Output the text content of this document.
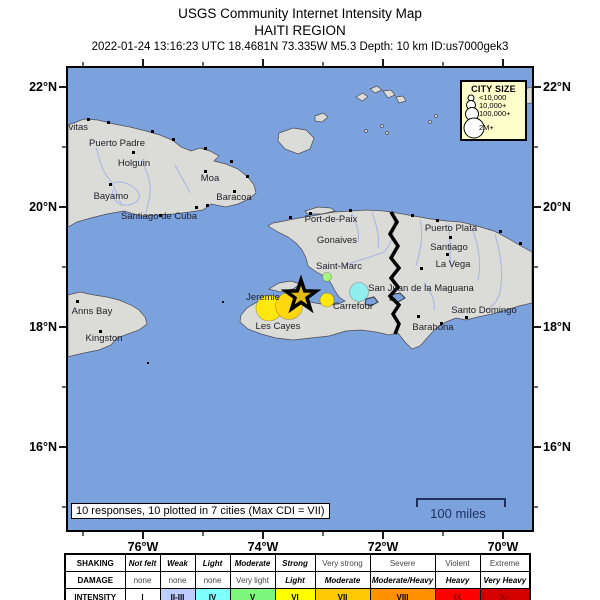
USGS Community Internet Intensity Map
HAITI REGION
2022-01-24 13:16:23 UTC 18.4681N 73.335W M5.3 Depth: 10 km ID:us7000gek3
22°N
20°N
18°N
16°N
22°N
20°N
18°N
16°N
76°W	74°W	72°W	70°W
vitas
Puerto Padre
Holguin
Moa
Bayamo	Baracoa
Santiago de Cuba	Port-de-Paix
Gonaives
Saint-Marc
Jeremie
Les Cayes
Carrefour
Puerto Plata
Santiago
La Vega
San Juan de la Maguana
Santo Domingo
Barahona
Anns Bay
Kingston
10 responses, 10 plotted in 7 cities (Max CDI = VII)	100 miles
CITY SIZE
<10,000
10,000+
100,000+
2M+
SHAKING	Not felt	Weak	Light	Moderate	Strong	Very strong	Severe	Violent	Extreme
DAMAGE	none	none	none	Very light	Light	Moderate	Moderate/Heavy	Heavy	Very Heavy
INTENSITY	I	II-III	IV	V	VI	VII	VIII	IX	X+
